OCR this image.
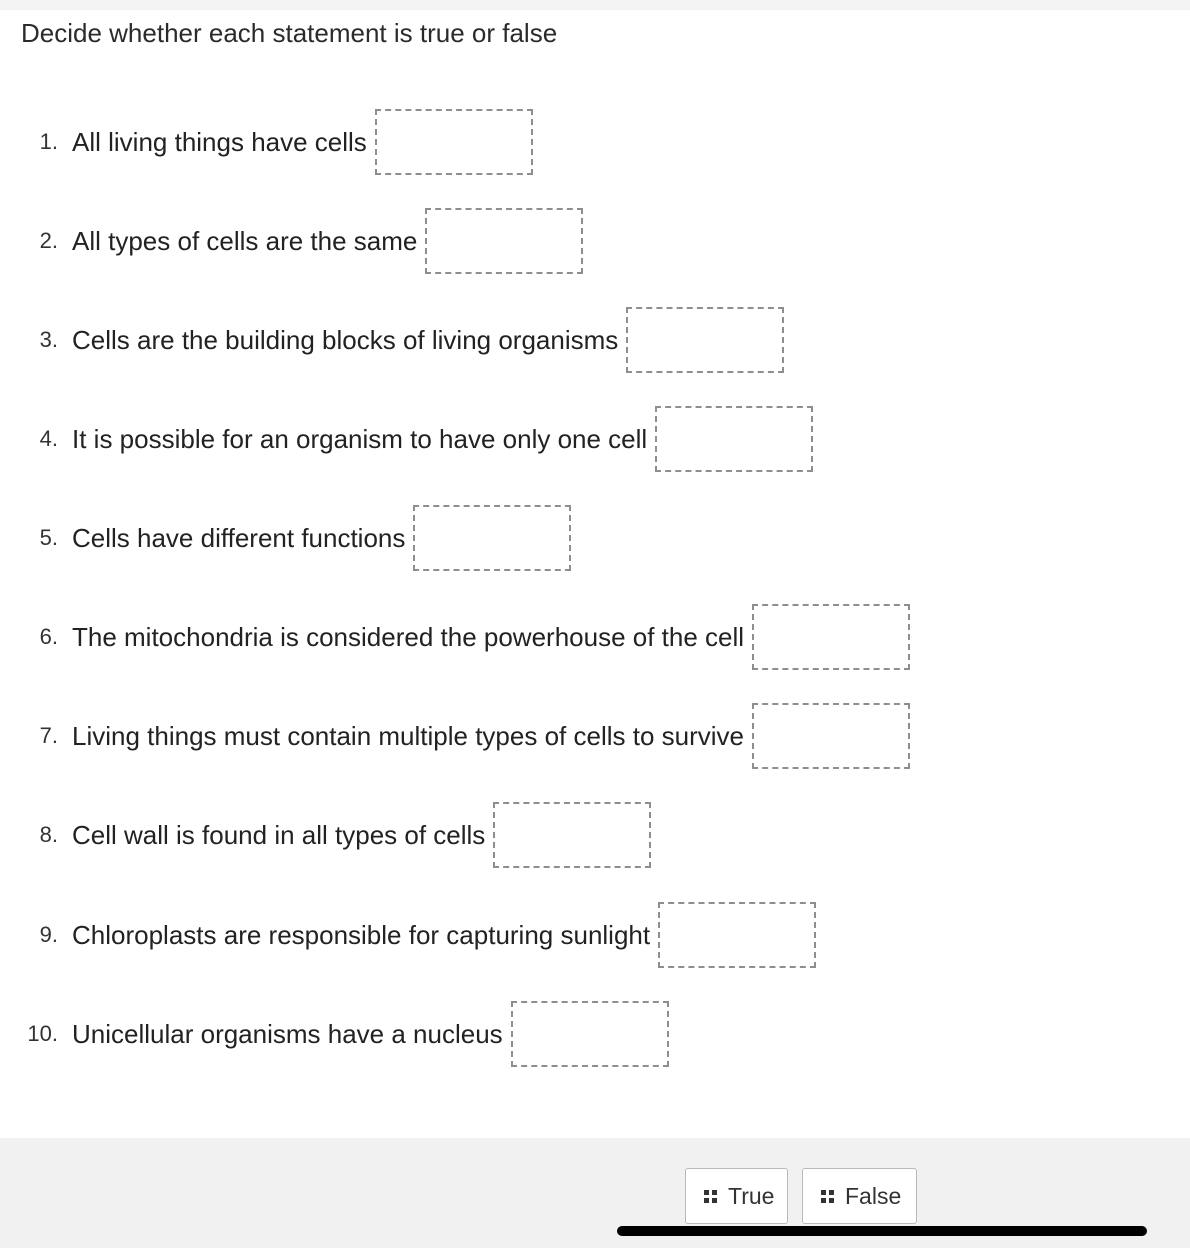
Decide whether each statement is true or false
1. All living things have cells
2. All types of cells are the same
3. Cells are the building blocks of living organisms
4. It is possible for an organism to have only one cell
5. Cells have different functions
6. The mitochondria is considered the powerhouse of the cell
7. Living things must contain multiple types of cells to survive
8. Cell wall is found in all types of cells
9. Chloroplasts are responsible for capturing sunlight
10. Unicellular organisms have a nucleus
True	False
